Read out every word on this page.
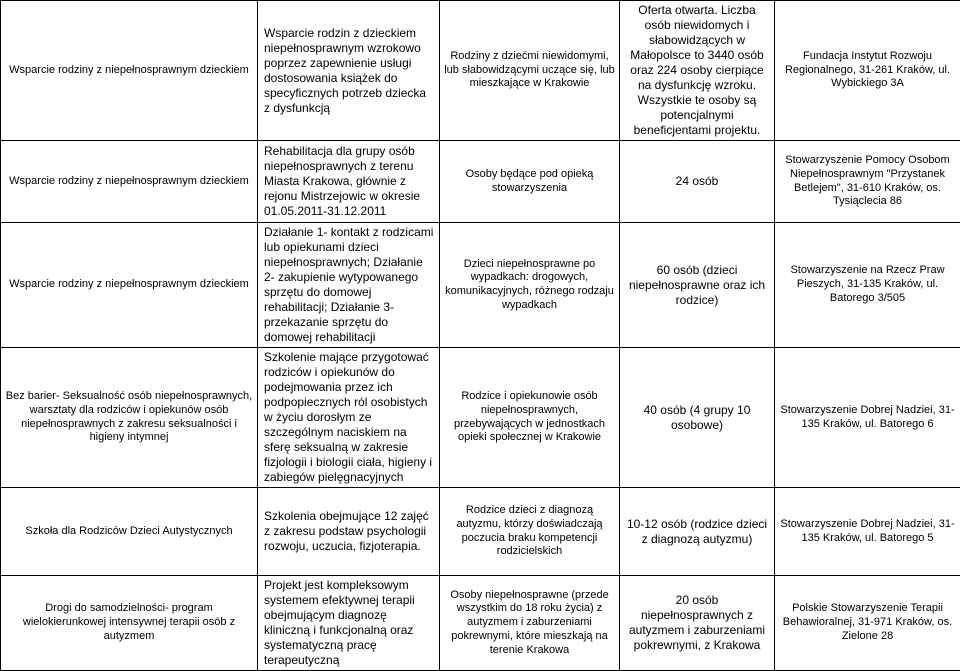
Wsparcie rodziny z niepełnosprawnym dzieckiem	Wsparcie rodzin z dzieckiem niepełnosprawnym wzrokowo poprzez zapewnienie usługi dostosowania książek do specyficznych potrzeb dziecka z dysfunkcją	Rodziny z dziećmi niewidomymi, lub słabowidzącymi uczące się, lub mieszkające w Krakowie	Oferta otwarta. Liczba osób niewidomych i słabowidzących w Małopolsce to 3440 osób oraz 224 osoby cierpiące na dysfunkcję wzroku. Wszystkie te osoby są potencjalnymi beneficjentami projektu.	Fundacja Instytut Rozwoju Regionalnego, 31-261 Kraków, ul. Wybickiego 3A
Wsparcie rodziny z niepełnosprawnym dzieckiem	Rehabilitacja dla grupy osób niepełnosprawnych z terenu Miasta Krakowa, głównie z rejonu Mistrzejowic w okresie 01.05.2011-31.12.2011	Osoby będące pod opieką stowarzyszenia	24 osób	Stowarzyszenie Pomocy Osobom Niepełnosprawnym "Przystanek Betlejem", 31-610 Kraków, os. Tysiąclecia 86
Wsparcie rodziny z niepełnosprawnym dzieckiem	Działanie 1- kontakt z rodzicami lub opiekunami dzieci niepełnosprawnych; Działanie 2- zakupienie wytypowanego sprzętu do domowej rehabilitacji; Działanie 3- przekazanie sprzętu do domowej rehabilitacji	Dzieci niepełnosprawne po wypadkach: drogowych, komunikacyjnych, różnego rodzaju wypadkach	60 osób (dzieci niepełnosprawne oraz ich rodzice)	Stowarzyszenie na Rzecz Praw Pieszych, 31-135 Kraków, ul. Batorego 3/505
Bez barier- Seksualność osób niepełnosprawnych, warsztaty dla rodziców i opiekunów osób niepełnosprawnych z zakresu seksualności i higieny intymnej	Szkolenie mające przygotować rodziców i opiekunów do podejmowania przez ich podpopiecznych ról osobistych w życiu dorosłym ze szczególnym naciskiem na sferę seksualną w zakresie fizjologii i biologii ciała, higieny i zabiegów pielęgnacyjnych	Rodzice i opiekunowie osób niepełnosprawnych, przebywających w jednostkach opieki społecznej w Krakowie	40 osób (4 grupy 10 osobowe)	Stowarzyszenie Dobrej Nadziei, 31-135 Kraków, ul. Batorego 6
Szkoła dla Rodziców Dzieci Autystycznych	Szkolenia obejmujące 12 zajęć z zakresu podstaw psychologii rozwoju, uczucia, fizjoterapia.	Rodzice dzieci z diagnozą autyzmu, którzy doświadczają poczucia braku kompetencji rodzicielskich	10-12 osób (rodzice dzieci z diagnozą autyzmu)	Stowarzyszenie Dobrej Nadziei, 31-135 Kraków, ul. Batorego 5
Drogi do samodzielności- program wielokierunkowej intensywnej terapii osób z autyzmem	Projekt jest kompleksowym systemem efektywnej terapii obejmującym diagnozę kliniczną i funkcjonalną oraz systematyczną pracę terapeutyczną	Osoby niepełnosprawne (przede wszystkim do 18 roku życia) z autyzmem i zaburzeniami pokrewnymi, które mieszkają na terenie Krakowa	20 osób niepełnosprawnych z autyzmem i zaburzeniami pokrewnymi, z Krakowa	Polskie Stowarzyszenie Terapii Behawioralnej, 31-971 Kraków, os. Zielone 28
